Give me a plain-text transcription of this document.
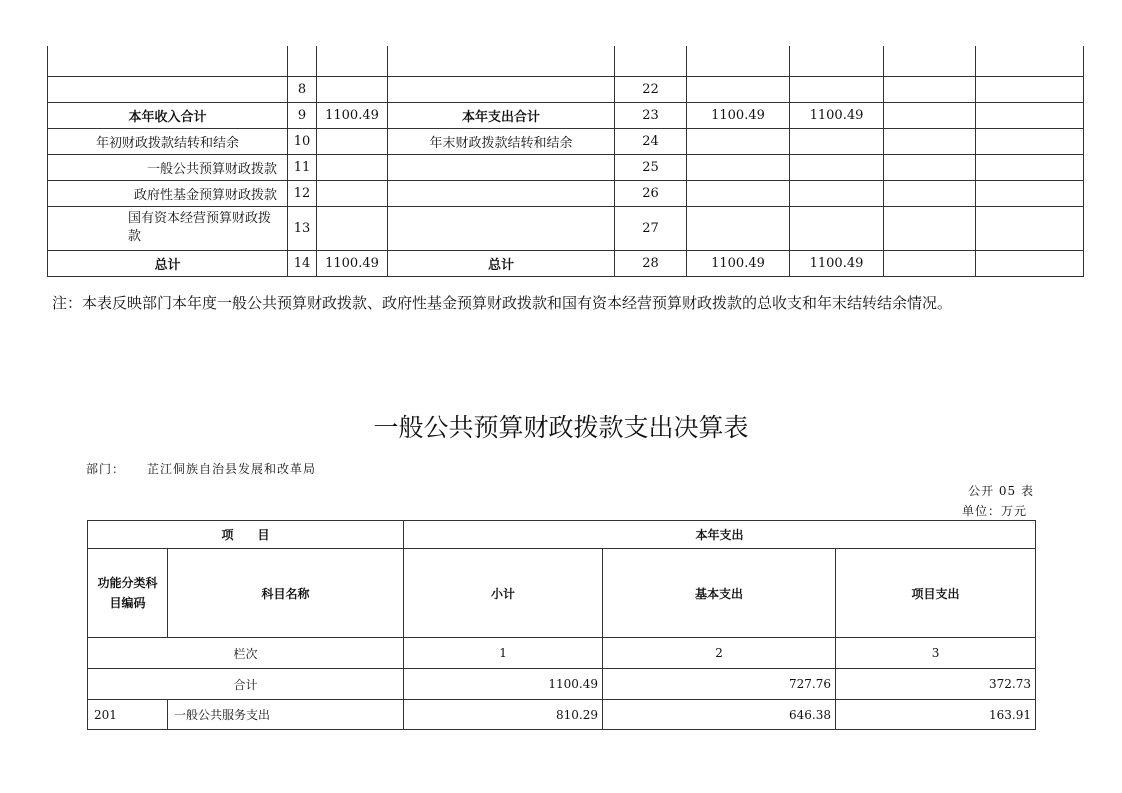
	8			22				
本年收入合计	9	1100.49	本年支出合计	23	1100.49	1100.49		
年初财政拨款结转和结余	10		年末财政拨款结转和结余	24				
一般公共预算财政拨款	11			25				
政府性基金预算财政拨款	12			26				
国有资本经营预算财政拨款	13			27				
总计	14	1100.49	总计	28	1100.49	1100.49		
注：本表反映部门本年度一般公共预算财政拨款、政府性基金预算财政拨款和国有资本经营预算财政拨款的总收支和年末结转结余情况。
一般公共预算财政拨款支出决算表
部门： 芷江侗族自治县发展和改革局
公开 05 表
单位：万元
项　　目		本年支出		
功能分类科目编码	科目名称	小计	基本支出	项目支出
栏次		1	2	3
合计		1100.49	727.76	372.73
201	一般公共服务支出	810.29	646.38	163.91
